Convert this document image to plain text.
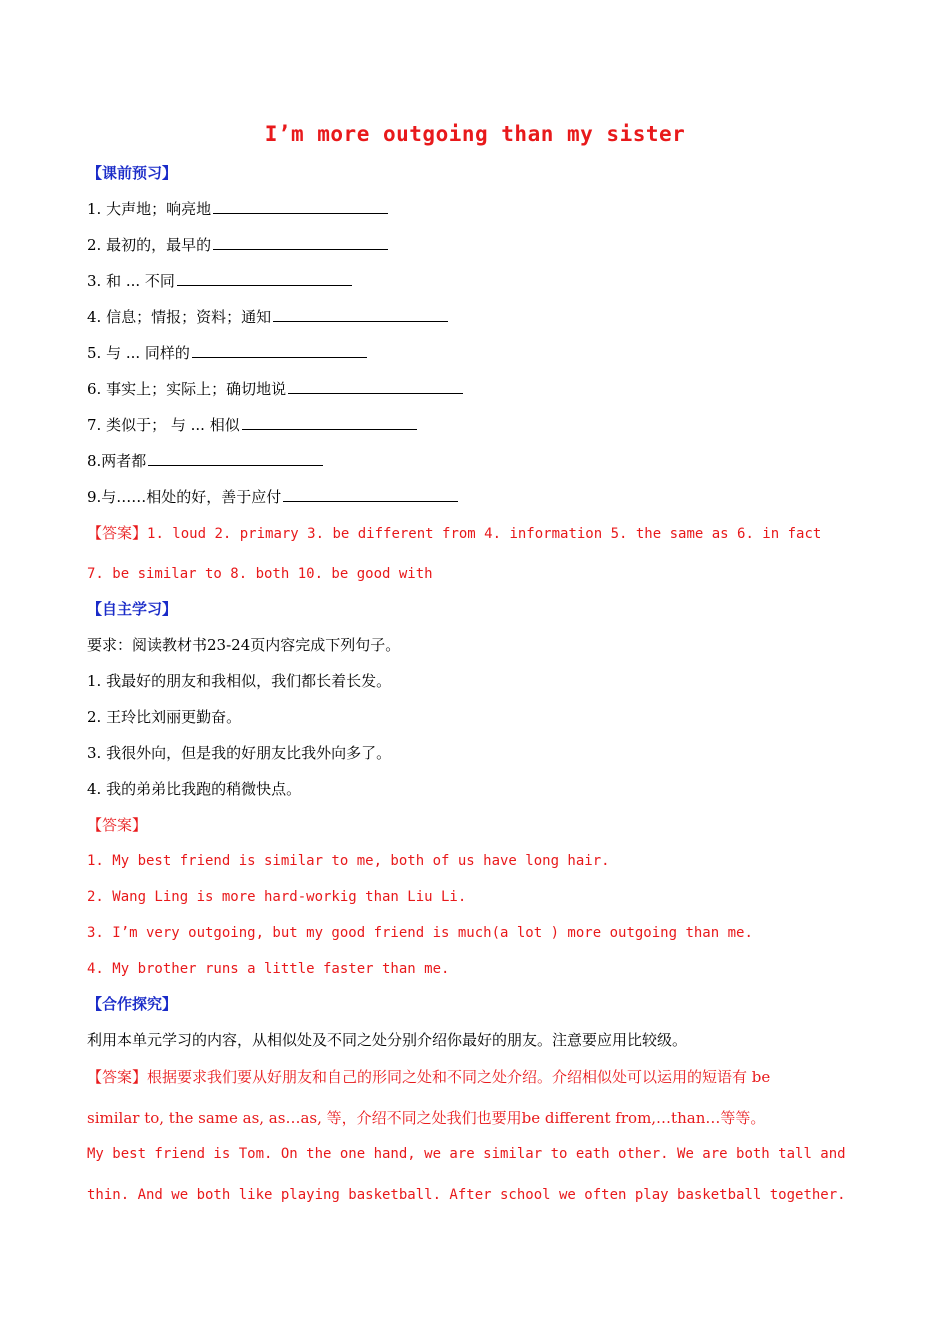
I’m more outgoing than my sister
【课前预习】
1. 大声地；响亮地
2. 最初的，最早的
3. 和 ... 不同
4. 信息；情报；资料；通知
5. 与 ... 同样的
6. 事实上；实际上；确切地说
7. 类似于； 与 ... 相似
8.两者都
9.与……相处的好，善于应付
【答案】1. loud 2. primary 3. be different from 4. information 5. the same as 6. in fact
7. be similar to 8. both 10. be good with
【自主学习】
要求：阅读教材书23-24页内容完成下列句子。
1. 我最好的朋友和我相似，我们都长着长发。
2. 王玲比刘丽更勤奋。
3. 我很外向，但是我的好朋友比我外向多了。
4. 我的弟弟比我跑的稍微快点。
【答案】
1. My best friend is similar to me, both of us have long hair.
2. Wang Ling is more hard-workig than Liu Li.
3. I’m very outgoing, but my good friend is much(a lot ) more outgoing than me.
4. My brother runs a little faster than me.
【合作探究】
利用本单元学习的内容，从相似处及不同之处分别介绍你最好的朋友。注意要应用比较级。
【答案】根据要求我们要从好朋友和自己的形同之处和不同之处介绍。介绍相似处可以运用的短语有 be
similar to, the same as, as…as, 等，介绍不同之处我们也要用be different from,…than…等等。
My best friend is Tom. On the one hand, we are similar to eath other. We are both tall and
thin. And we both like playing basketball. After school we often play basketball together.
